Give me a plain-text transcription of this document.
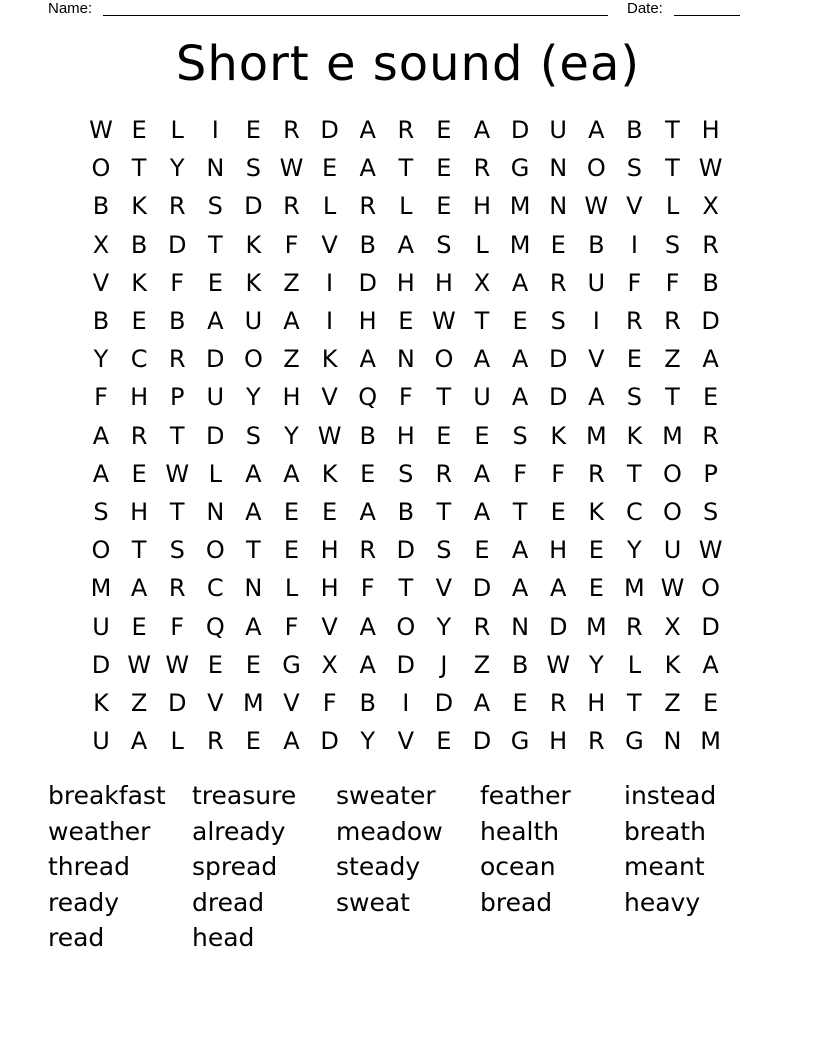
Name:	Date:
Short e sound (ea)
W E L	I	E R D A R E A D U A B T H
O T Y N S W E A T E R G N O S T W
B K R S D R L R L E H M N W V L X
X B D T K F V B A S L M E B	I	S R
V K F E K Z	I	D H H X A R U F	F B
B E B A U A	I	H E W T E S	I	R R D
Y C R D O Z K A N O A A D V E Z A
F H P U Y H V Q F T U A D A S T E
A R T D S Y W B H E E S K M K M R
A E W L A A K E S R A F	F R T O P
S H T N A E E A B T A T E K C O S
O T S O T E H R D S E A H E Y U W
M A R C N L H F T V D A A E M W O
U E F Q A F V A O Y R N D M R X D
D W W E E G X A D	J	Z B W Y	L K A
K Z D V M V F B	I	D A E R H T Z E
U A L R E A D Y V E D G H R G N M
breakfast treasure sweater feather instead
weather already meadow health	breath
thread spread steady ocean	meant
ready	dread	sweat	bread	heavy
read	head
